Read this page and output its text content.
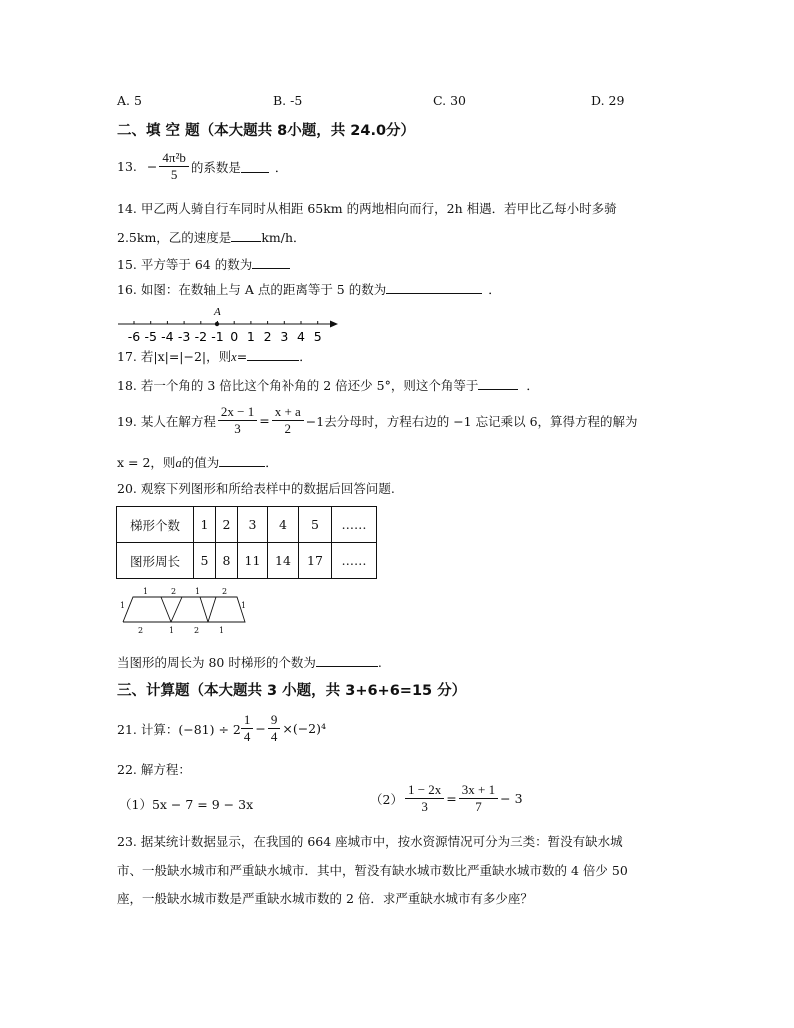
A. 5	B. -5	C. 30	D. 29
二、填 空 题（本大题共 8小题，共 24.0分）
13. − $\frac{\text{4π²b}}{5}$ 的系数是	．
14. 甲乙两人骑自行车同时从相距 65km 的两地相向而行，2h 相遇．若甲比乙每小时多骑
2.5km，乙的速度是 km/h．
15. 平方等于 64 的数为
16. 如图：在数轴上与 A 点的距离等于 5 的数为	．
-6 -5 -4 -3 -2 -1 0 1 2 3 4 5
A
17. 若|x|=|−2|，则x=	．
18. 若一个角的 3 倍比这个角补角的 2 倍还少 5°，则这个角等于	．
19. 某人在解方程 $\frac{2x - 1}{3} = \frac{x + a}{2} -1$去分母时，方程右边的 −1 忘记乘以 6，算得方程的解为
x = 2，则a的值为	．
20. 观察下列图形和所给表样中的数据后回答问题.
梯形个数	1	2	3	4	5	……
图形周长	5	8	11	14	17	……
1	2 1	2
2	1 2 1
1	1
当图形的周长为 80 时梯形的个数为	.
三、计算题（本大题共 3 小题，共 3+6+6=15 分）
21. 计算：$(-81) \div 2 \frac{1}{4} - \frac{9}{4} \times(-2)^4$
22. 解方程：
（1）5x − 7 = 9 − 3x	$(2) \frac{1 - 2x}{3} = \frac{3x + 1}{7} - 3$
23. 据某统计数据显示，在我国的 664 座城市中，按水资源情况可分为三类：暂没有缺水城
市、一般缺水城市和严重缺水城市．其中，暂没有缺水城市数比严重缺水城市数的 4 倍少 50
座，一般缺水城市数是严重缺水城市数的 2 倍．求严重缺水城市有多少座？
